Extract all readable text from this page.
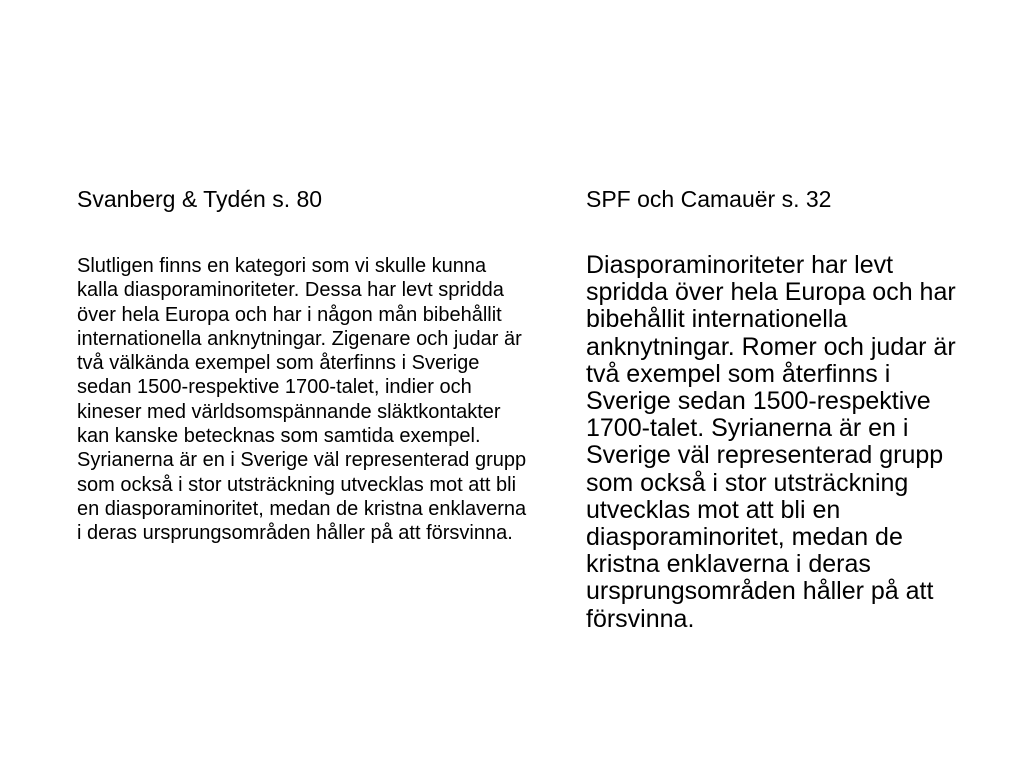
Svanberg & Tydén s. 80

Slutligen finns en kategori som vi skulle kunna kalla diasporaminoriteter. Dessa har levt spridda över hela Europa och har i någon mån bibehållit internationella anknytningar. Zigenare och judar är två välkända exempel som återfinns i Sverige sedan 1500-respektive 1700-talet, indier och kineser med världsomspännande släktkontakter kan kanske betecknas som samtida exempel. Syrianerna är en i Sverige väl representerad grupp som också i stor utsträckning utvecklas mot att bli en diasporaminoritet, medan de kristna enklaverna i deras ursprungsområden håller på att försvinna.

SPF och Camauër s. 32

Diasporaminoriteter har levt spridda över hela Europa och har bibehållit internationella anknytningar. Romer och judar är två exempel som återfinns i Sverige sedan 1500-respektive 1700-talet. Syrianerna är en i Sverige väl representerad grupp som också i stor utsträckning utvecklas mot att bli en diasporaminoritet, medan de kristna enklaverna i deras ursprungsområden håller på att försvinna.
